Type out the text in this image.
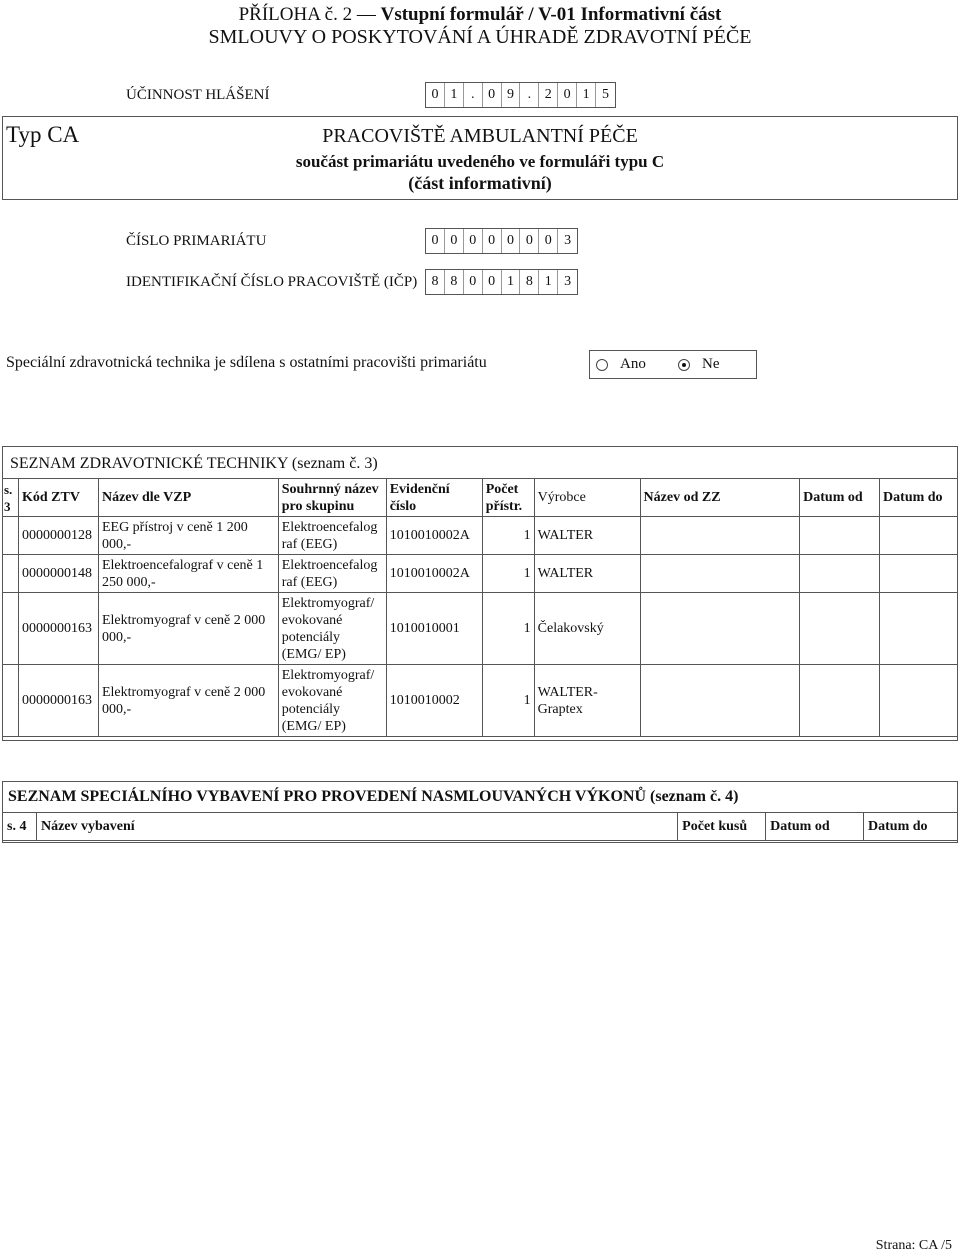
PŘÍLOHA č. 2 — Vstupní formulář / V-01 Informativní část
SMLOUVY O POSKYTOVÁNÍ A ÚHRADĚ ZDRAVOTNÍ PÉČE
ÚČINNOST HLÁŠENÍ	0 1 . 0 9 . 2 0 1 5
Typ CA	PRACOVIŠTĚ AMBULANTNÍ PÉČE
součást primariátu uvedeného ve formuláři typu C
(část informativní)
ČÍSLO PRIMARIÁTU	0 0 0 0 0 0 0 3
IDENTIFIKAČNÍ ČÍSLO PRACOVIŠTĚ (IČP)	8 8 0 0 1 8 1 3
Speciální zdravotnická technika je sdílena s ostatními pracovišti primariátu	Ano	Ne
SEZNAM ZDRAVOTNICKÉ TECHNIKY (seznam č. 3)
s. 3	Kód ZTV	Název dle VZP	Souhrnný název pro skupinu	Evidenční číslo	Počet přístr.	Výrobce	Název od ZZ	Datum od	Datum do
	0000000128	EEG přístroj v ceně 1 200 000,-	Elektroencefalog raf (EEG)	1010010002A	1	WALTER			
	0000000148	Elektroencefalograf v ceně 1 250 000,-	Elektroencefalog raf (EEG)	1010010002A	1	WALTER			
	0000000163	Elektromyograf v ceně 2 000 000,-	Elektromyograf/ evokované potenciály (EMG/ EP)	1010010001	1	Čelakovský			
	0000000163	Elektromyograf v ceně 2 000 000,-	Elektromyograf/ evokované potenciály (EMG/ EP)	1010010002	1	WALTER- Graptex			
SEZNAM SPECIÁLNÍHO VYBAVENÍ PRO PROVEDENÍ NASMLOUVANÝCH VÝKONŮ (seznam č. 4)
s. 4	Název vybavení	Počet kusů	Datum od	Datum do
Strana: CA /5
